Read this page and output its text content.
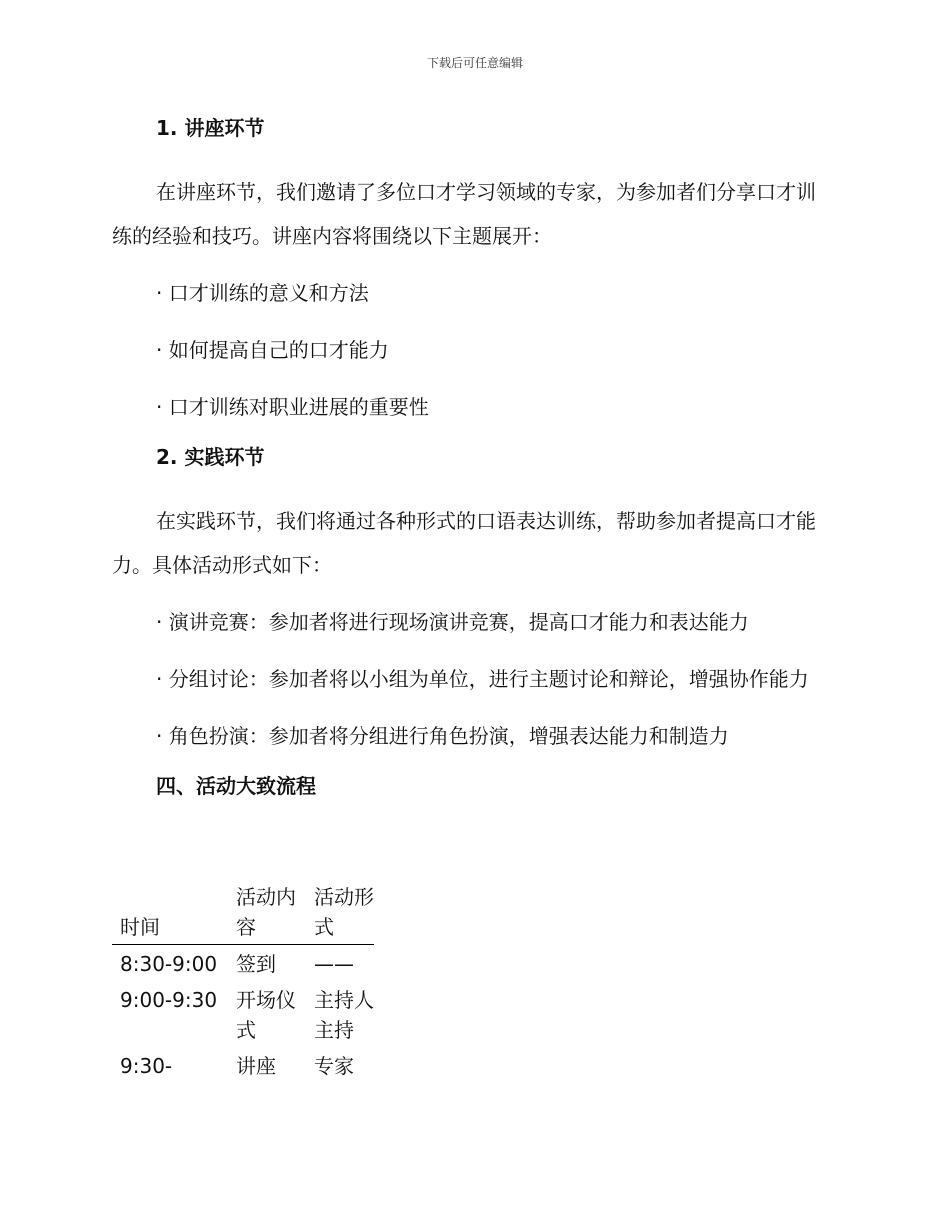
下载后可任意编辑
1. 讲座环节
在讲座环节，我们邀请了多位口才学习领域的专家，为参加者们分享口才训练的经验和技巧。讲座内容将围绕以下主题展开：
· 口才训练的意义和方法
· 如何提高自己的口才能力
· 口才训练对职业进展的重要性
2. 实践环节
在实践环节，我们将通过各种形式的口语表达训练，帮助参加者提高口才能力。具体活动形式如下：
· 演讲竞赛：参加者将进行现场演讲竞赛，提高口才能力和表达能力
· 分组讨论：参加者将以小组为单位，进行主题讨论和辩论，增强协作能力
· 角色扮演：参加者将分组进行角色扮演，增强表达能力和制造力
四、活动大致流程
时间	活动内容	活动形式
8:30-9:00	签到	——
9:00-9:30	开场仪式	主持人主持
9:30-	讲座	专家
